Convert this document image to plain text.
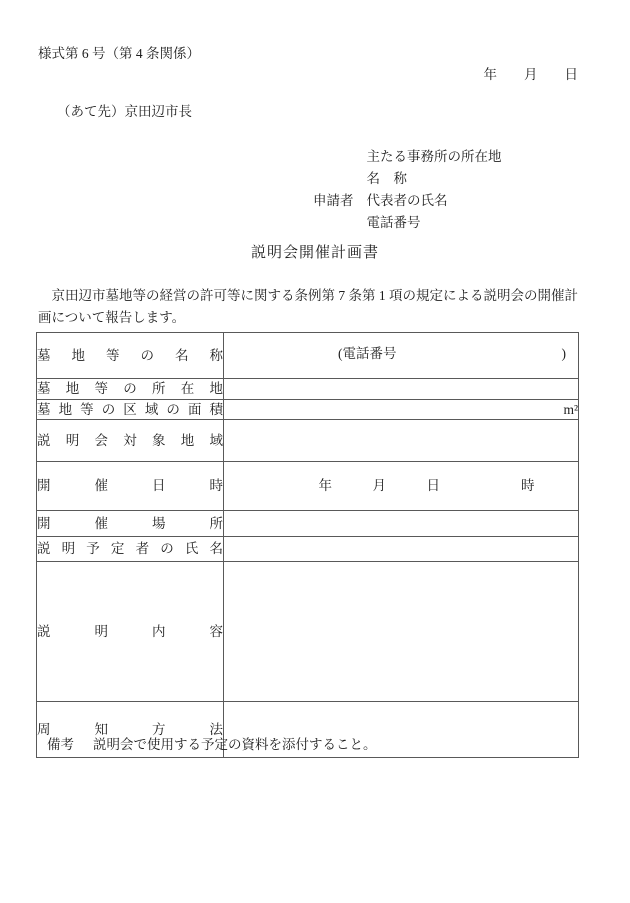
様式第 6 号（第 4 条関係）
年　　月　　日
（あて先）京田辺市長
申請者
主たる事務所の所在地
名　称
代表者の氏名
電話番号
説明会開催計画書
　京田辺市墓地等の経営の許可等に関する条例第 7 条第 1 項の規定による説明会の開催計
画について報告します。
墓 地 等 の 名 称	(電話番号	)

墓 地 等 の 所 在 地

墓 地 等 の 区 域 の 面 積	m²

説 明 会 対 象 地 域

開 催 日 時	　　　　　年　　　月　　　日　　　　　　時

開 催 場 所	

説 明 予 定 者 の 氏 名

説 明 内 容	

周 知 方 法	

備考 説明会で使用する予定の資料を添付すること。
